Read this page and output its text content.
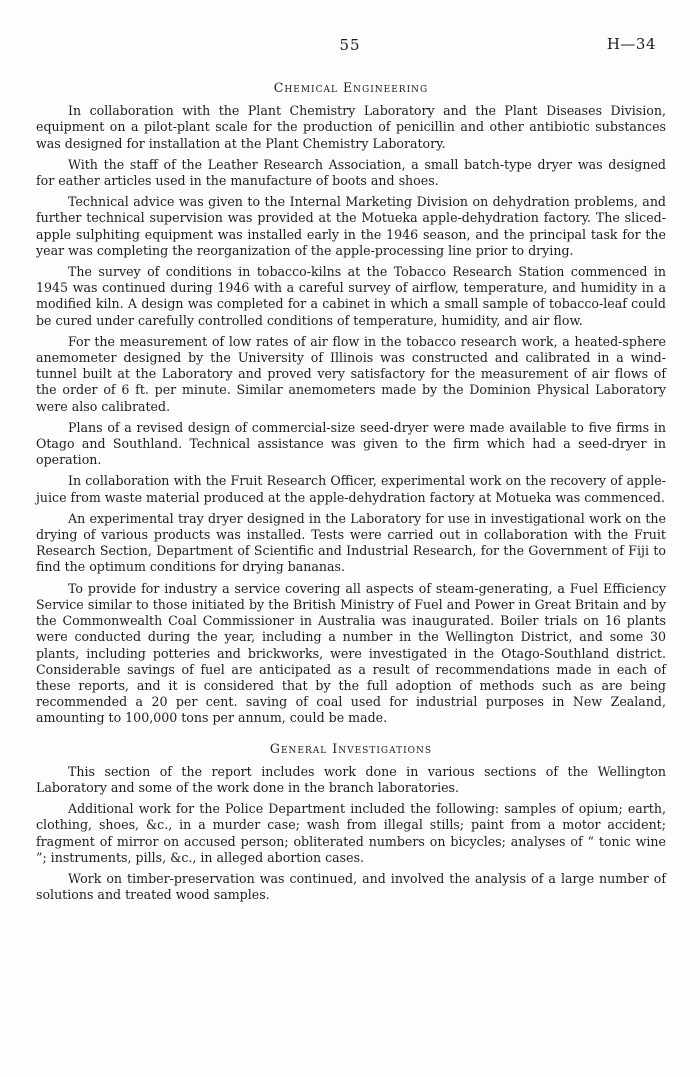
55	H—34
Chemical Engineering

In collaboration with the Plant Chemistry Laboratory and the Plant Diseases Division, equipment on a pilot-plant scale for the production of penicillin and other antibiotic substances was designed for installation at the Plant Chemistry Laboratory.

With the staff of the Leather Research Association, a small batch-type dryer was designed for eather articles used in the manufacture of boots and shoes.

Technical advice was given to the Internal Marketing Division on dehydration problems, and further technical supervision was provided at the Motueka apple-dehydration factory. The sliced-apple sulphiting equipment was installed early in the 1946 season, and the principal task for the year was completing the reorganization of the apple-processing line prior to drying.

The survey of conditions in tobacco-kilns at the Tobacco Research Station commenced in 1945 was continued during 1946 with a careful survey of airflow, temperature, and humidity in a modified kiln. A design was completed for a cabinet in which a small sample of tobacco-leaf could be cured under carefully controlled conditions of temperature, humidity, and air flow.

For the measurement of low rates of air flow in the tobacco research work, a heated-sphere anemometer designed by the University of Illinois was constructed and calibrated in a wind-tunnel built at the Laboratory and proved very satisfactory for the measurement of air flows of the order of 6 ft. per minute. Similar anemometers made by the Dominion Physical Laboratory were also calibrated.

Plans of a revised design of commercial-size seed-dryer were made available to five firms in Otago and Southland. Technical assistance was given to the firm which had a seed-dryer in operation.

In collaboration with the Fruit Research Officer, experimental work on the recovery of apple-juice from waste material produced at the apple-dehydration factory at Motueka was commenced.

An experimental tray dryer designed in the Laboratory for use in investigational work on the drying of various products was installed. Tests were carried out in collaboration with the Fruit Research Section, Department of Scientific and Industrial Research, for the Government of Fiji to find the optimum conditions for drying bananas.

To provide for industry a service covering all aspects of steam-generating, a Fuel Efficiency Service similar to those initiated by the British Ministry of Fuel and Power in Great Britain and by the Commonwealth Coal Commissioner in Australia was inaugurated. Boiler trials on 16 plants were conducted during the year, including a number in the Wellington District, and some 30 plants, including potteries and brickworks, were investigated in the Otago-Southland district. Considerable savings of fuel are anticipated as a result of recommendations made in each of these reports, and it is considered that by the full adoption of methods such as are being recommended a 20 per cent. saving of coal used for industrial purposes in New Zealand, amounting to 100,000 tons per annum, could be made.

General Investigations

This section of the report includes work done in various sections of the Wellington Laboratory and some of the work done in the branch laboratories.

Additional work for the Police Department included the following: samples of opium; earth, clothing, shoes, &c., in a murder case; wash from illegal stills; paint from a motor accident; fragment of mirror on accused person; obliterated numbers on bicycles; analyses of “ tonic wine ”; instruments, pills, &c., in alleged abortion cases.

Work on timber-preservation was continued, and involved the analysis of a large number of solutions and treated wood samples.
